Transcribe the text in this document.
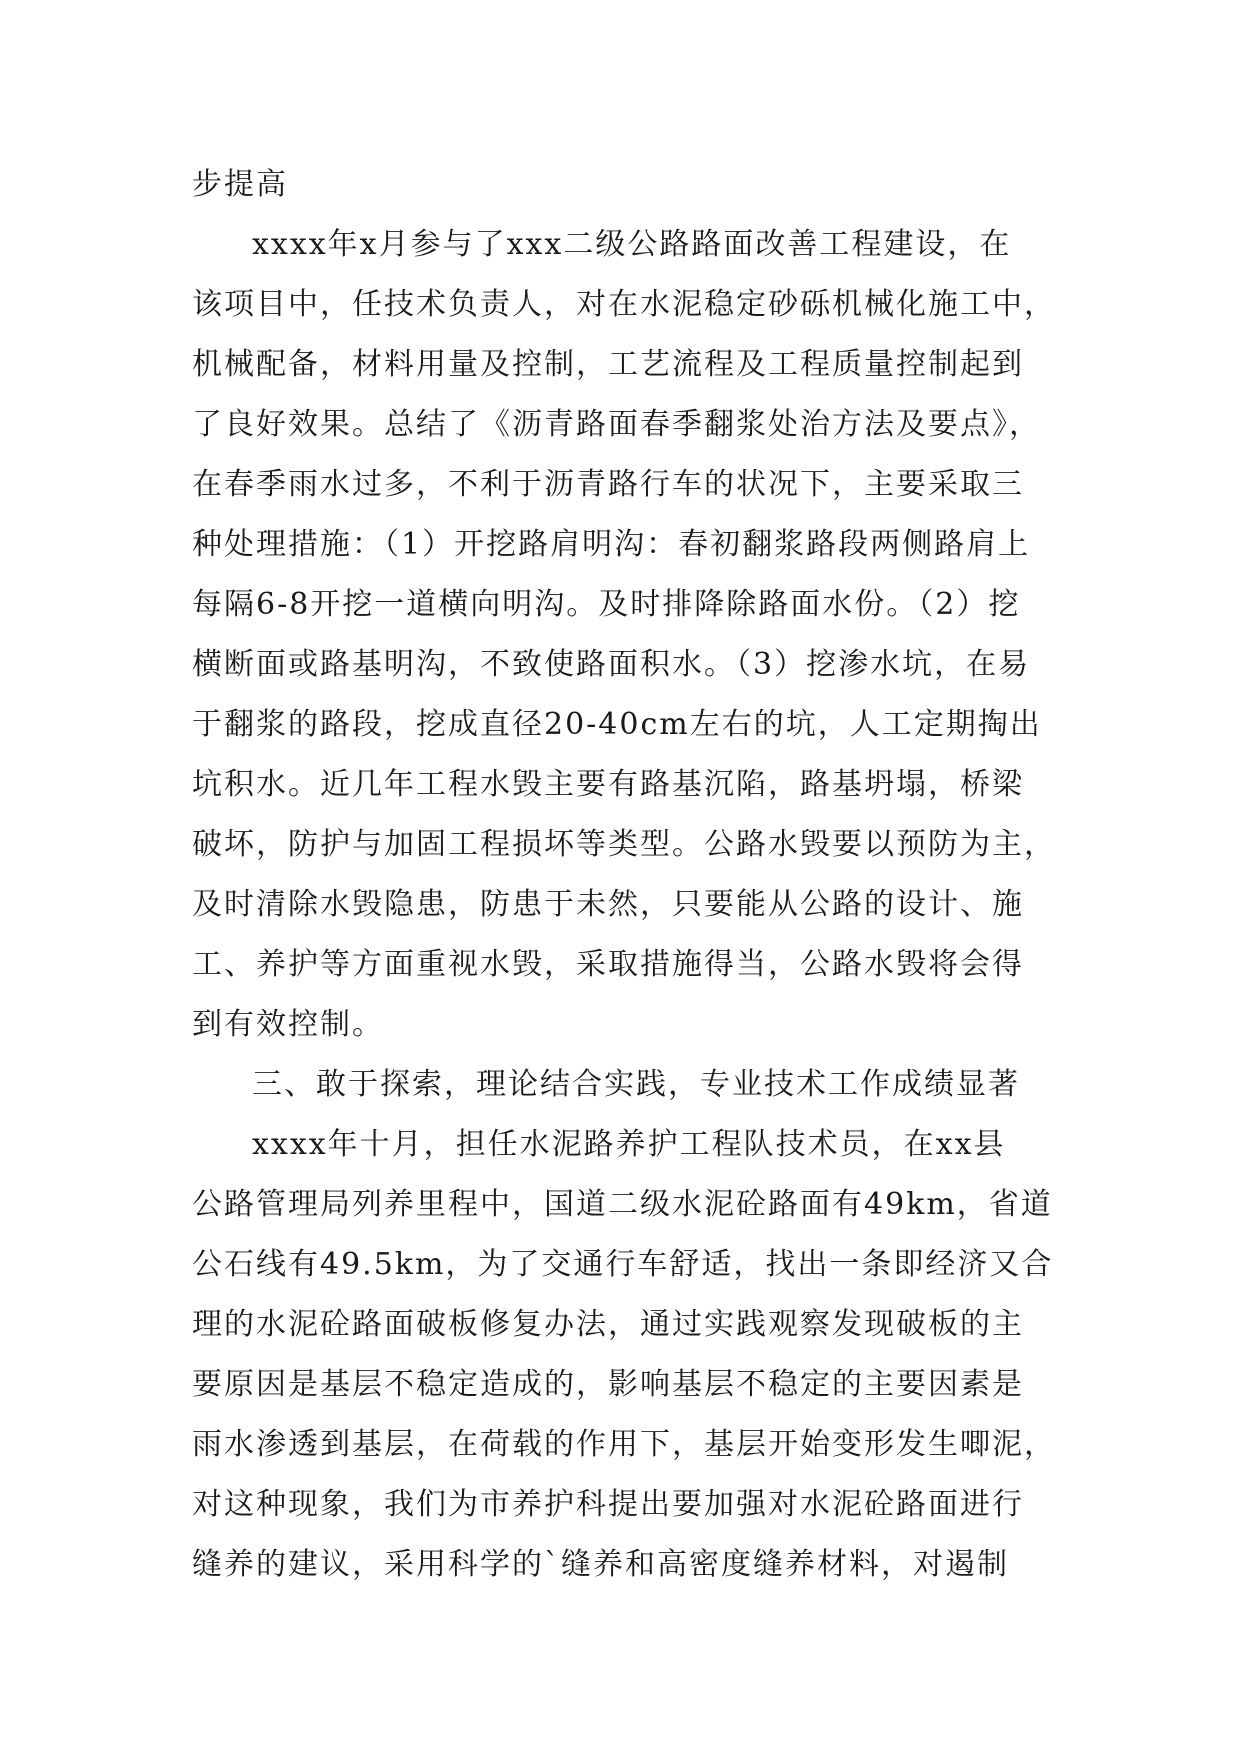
步提高
xxxx年x月参与了xxx二级公路路面改善工程建设，在
该项目中，任技术负责人，对在水泥稳定砂砾机械化施工中，
机械配备，材料用量及控制，工艺流程及工程质量控制起到
了良好效果。总结了《沥青路面春季翻浆处治方法及要点》，
在春季雨水过多，不利于沥青路行车的状况下，主要采取三
种处理措施：（1）开挖路肩明沟：春初翻浆路段两侧路肩上
每隔6-8开挖一道横向明沟。及时排降除路面水份。（2）挖
横断面或路基明沟，不致使路面积水。（3）挖渗水坑，在易
于翻浆的路段，挖成直径20-40cm左右的坑，人工定期掏出
坑积水。近几年工程水毁主要有路基沉陷，路基坍塌，桥梁
破坏，防护与加固工程损坏等类型。公路水毁要以预防为主，
及时清除水毁隐患，防患于未然，只要能从公路的设计、施
工、养护等方面重视水毁，采取措施得当，公路水毁将会得
到有效控制。
三、敢于探索，理论结合实践，专业技术工作成绩显著
xxxx年十月，担任水泥路养护工程队技术员，在xx县
公路管理局列养里程中，国道二级水泥砼路面有49km，省道
公石线有49.5km，为了交通行车舒适，找出一条即经济又合
理的水泥砼路面破板修复办法，通过实践观察发现破板的主
要原因是基层不稳定造成的，影响基层不稳定的主要因素是
雨水渗透到基层，在荷载的作用下，基层开始变形发生唧泥，
对这种现象，我们为市养护科提出要加强对水泥砼路面进行
缝养的建议，采用科学的`缝养和高密度缝养材料，对遏制
